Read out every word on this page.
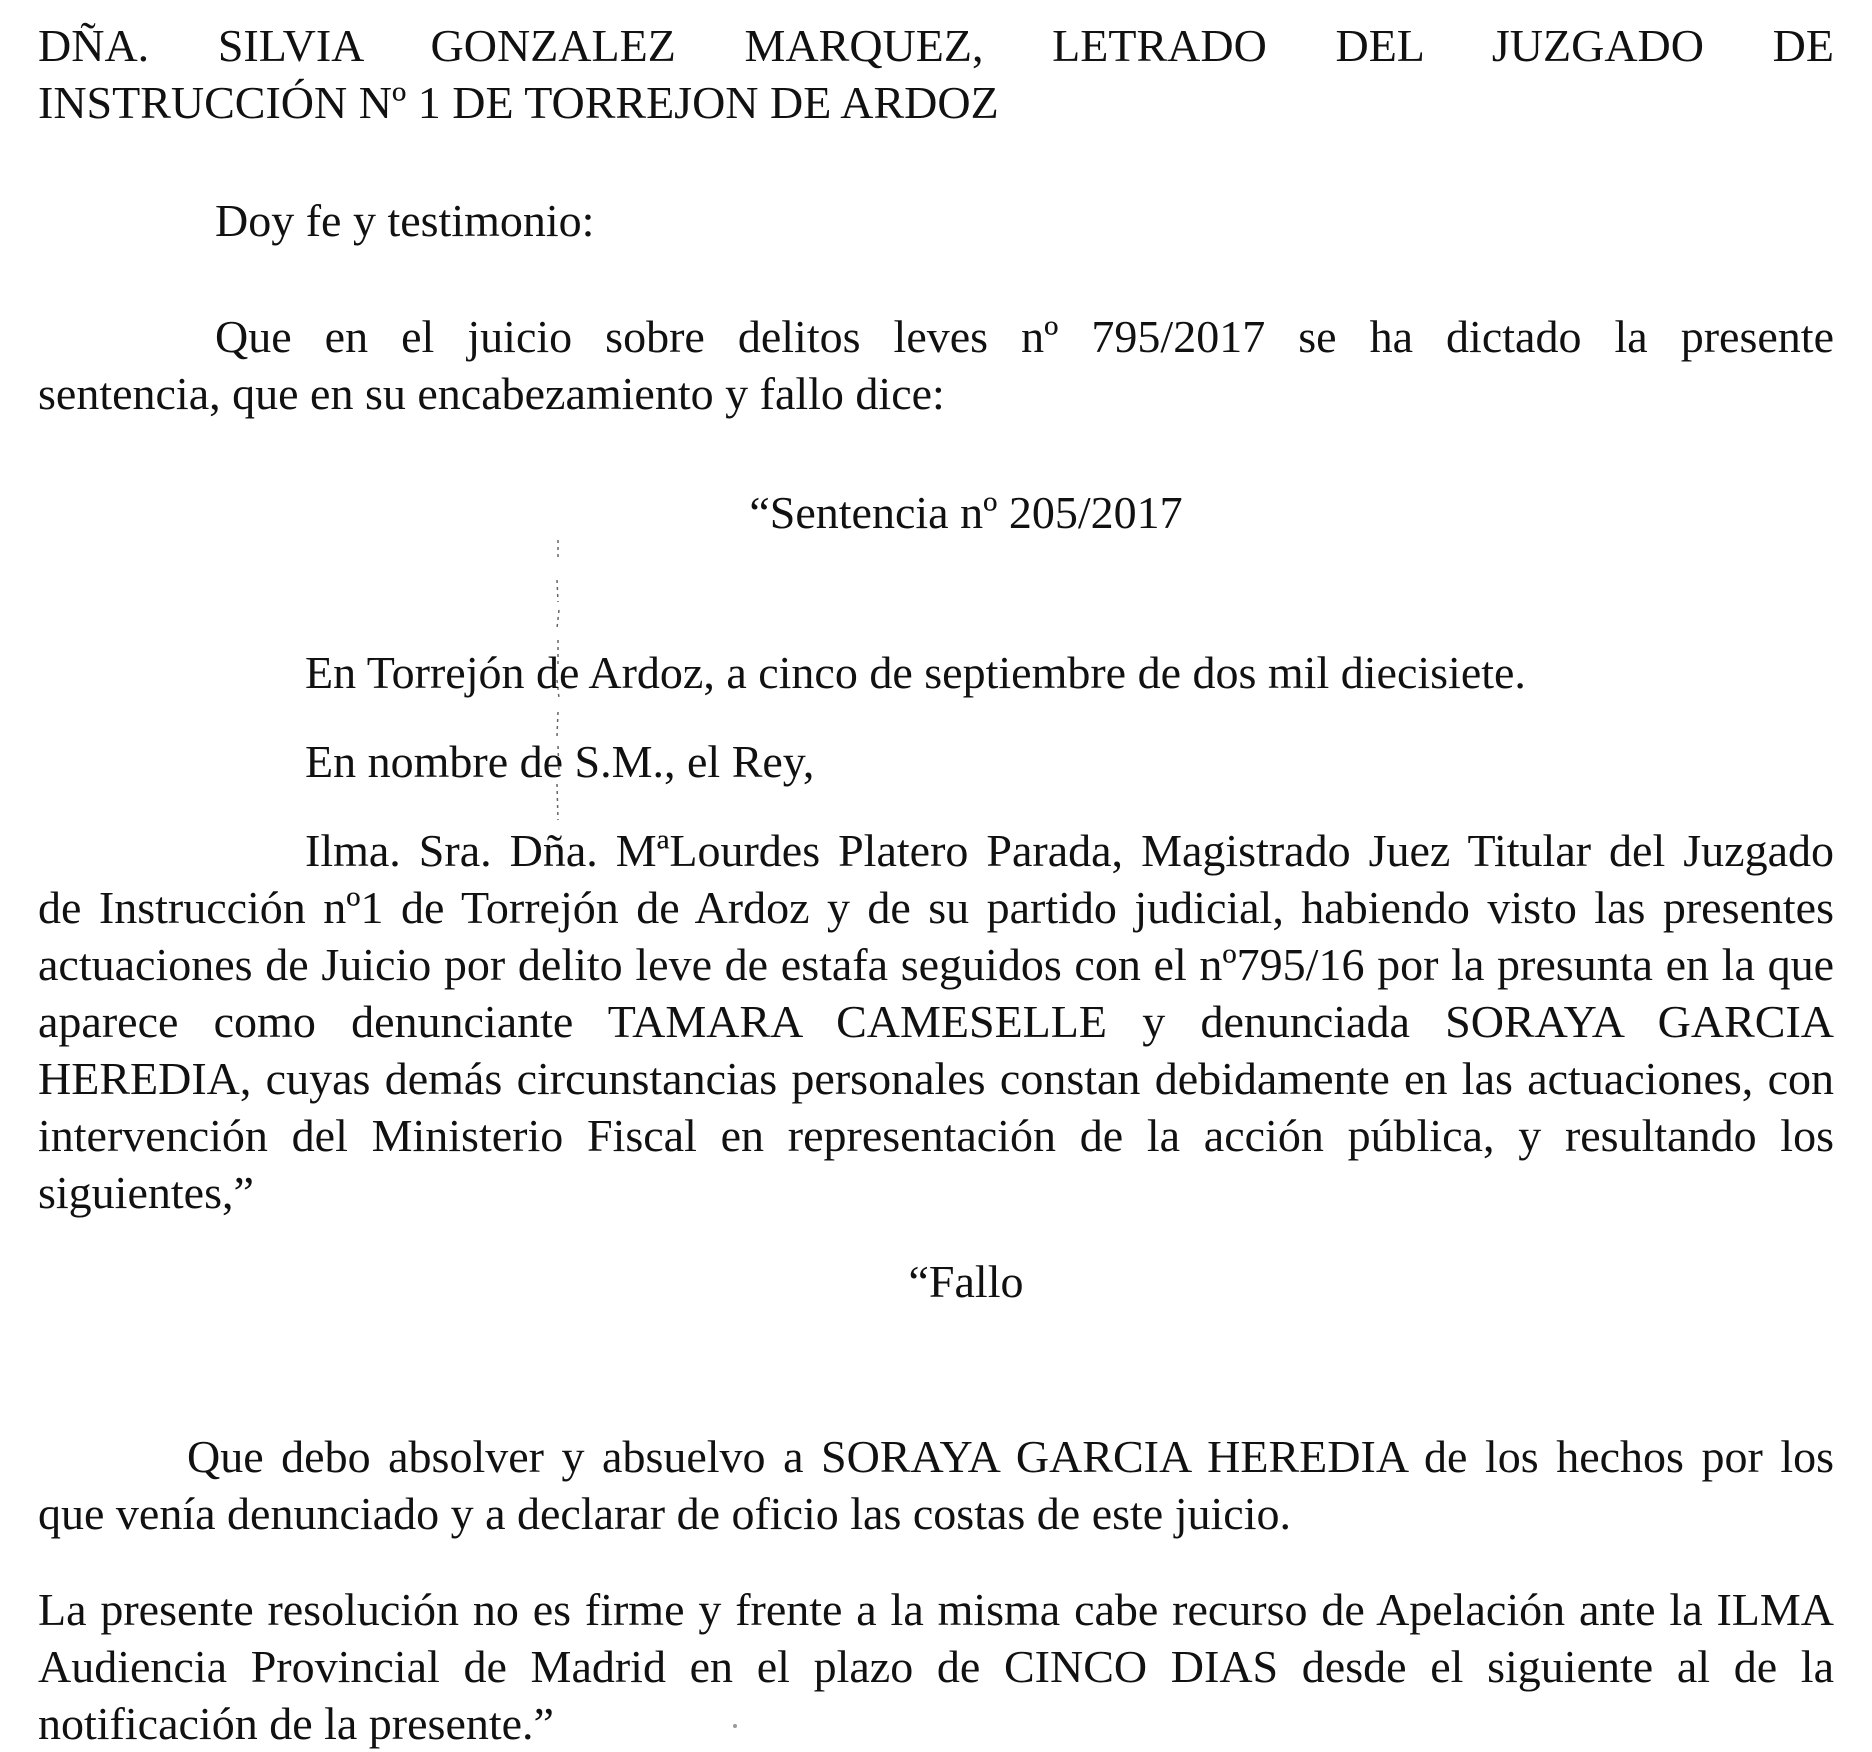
DÑA. SILVIA GONZALEZ MARQUEZ, LETRADO DEL JUZGADO DE
INSTRUCCIÓN Nº 1 DE TORREJON DE ARDOZ
Doy fe y testimonio:
Que en el juicio sobre delitos leves nº 795/2017 se ha dictado la presente
sentencia, que en su encabezamiento y fallo dice:
“Sentencia nº 205/2017
En Torrejón de Ardoz, a cinco de septiembre de dos mil diecisiete.
En nombre de S.M., el Rey,
Ilma. Sra. Dña. MªLourdes Platero Parada, Magistrado Juez Titular del Juzgado
de Instrucción nº1 de Torrejón de Ardoz y de su partido judicial, habiendo visto las presentes
actuaciones de Juicio por delito leve de estafa seguidos con el nº795/16 por la presunta en la que
aparece como denunciante TAMARA CAMESELLE y denunciada SORAYA GARCIA
HEREDIA, cuyas demás circunstancias personales constan debidamente en las actuaciones, con
intervención del Ministerio Fiscal en representación de la acción pública, y resultando los
siguientes,”
“Fallo
Que debo absolver y absuelvo a SORAYA GARCIA HEREDIA de los hechos por los
que venía denunciado y a declarar de oficio las costas de este juicio.
La presente resolución no es firme y frente a la misma cabe recurso de Apelación ante la ILMA
Audiencia Provincial de Madrid en el plazo de CINCO DIAS desde el siguiente al de la
notificación de la presente.”
